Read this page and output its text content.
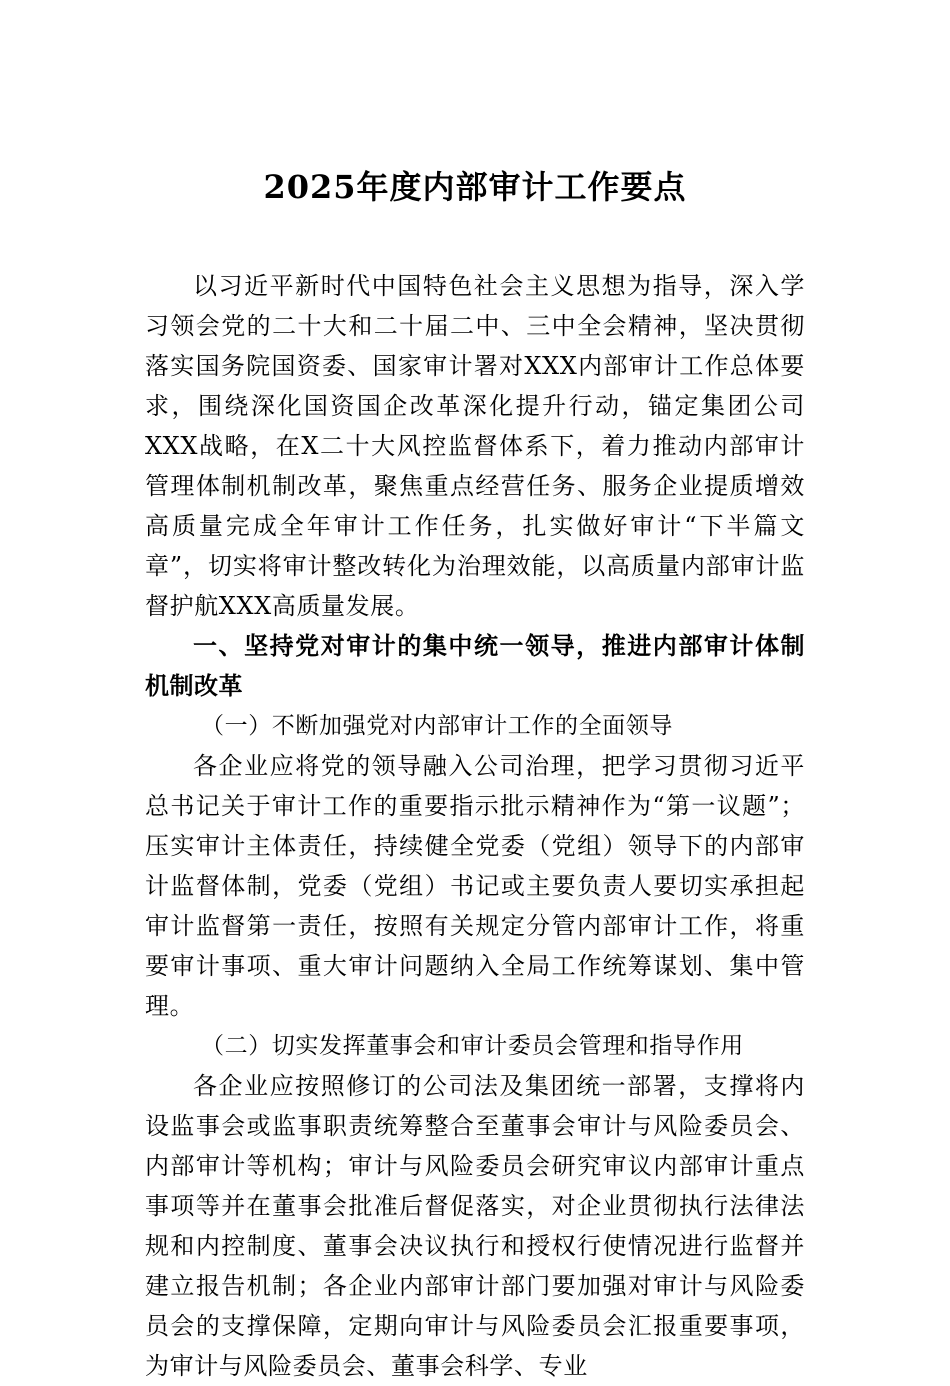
2025年度内部审计工作要点

以习近平新时代中国特色社会主义思想为指导，深入学习领会党的二十大和二十届二中、三中全会精神，坚决贯彻落实国务院国资委、国家审计署对XXX内部审计工作总体要求，围绕深化国资国企改革深化提升行动，锚定集团公司XXX战略，在X二十大风控监督体系下，着力推动内部审计管理体制机制改革，聚焦重点经营任务、服务企业提质增效高质量完成全年审计工作任务，扎实做好审计“下半篇文章”，切实将审计整改转化为治理效能，以高质量内部审计监督护航XXX高质量发展。

一、坚持党对审计的集中统一领导，推进内部审计体制机制改革

（一）不断加强党对内部审计工作的全面领导

各企业应将党的领导融入公司治理，把学习贯彻习近平总书记关于审计工作的重要指示批示精神作为“第一议题”；压实审计主体责任，持续健全党委（党组）领导下的内部审计监督体制，党委（党组）书记或主要负责人要切实承担起审计监督第一责任，按照有关规定分管内部审计工作，将重要审计事项、重大审计问题纳入全局工作统筹谋划、集中管理。

（二）切实发挥董事会和审计委员会管理和指导作用

各企业应按照修订的公司法及集团统一部署，支撑将内设监事会或监事职责统筹整合至董事会审计与风险委员会、内部审计等机构；审计与风险委员会研究审议内部审计重点事项等并在董事会批准后督促落实，对企业贯彻执行法律法规和内控制度、董事会决议执行和授权行使情况进行监督并建立报告机制；各企业内部审计部门要加强对审计与风险委员会的支撑保障，定期向审计与风险委员会汇报重要事项，为审计与风险委员会、董事会科学、专业
